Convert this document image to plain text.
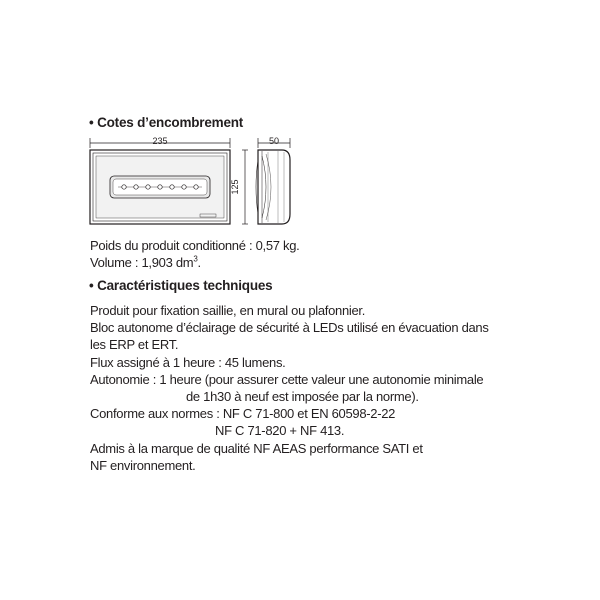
• Cotes d’encombrement
235	50
125
Poids du produit conditionné : 0,57 kg.
Volume : 1,903 $dm^3$.
• Caractéristiques techniques
Produit pour fixation saillie, en mural ou plafonnier.
Bloc autonome d’éclairage de sécurité à LEDs utilisé en évacuation dans
les ERP et ERT.
Flux assigné à 1 heure : 45 lumens.
Autonomie : 1 heure (pour assurer cette valeur une autonomie minimale
de 1h30 à neuf est imposée par la norme).
Conforme aux normes : NF C 71-800 et EN 60598-2-22
NF C 71-820 + NF 413.
Admis à la marque de qualité NF AEAS performance SATI et
NF environnement.
